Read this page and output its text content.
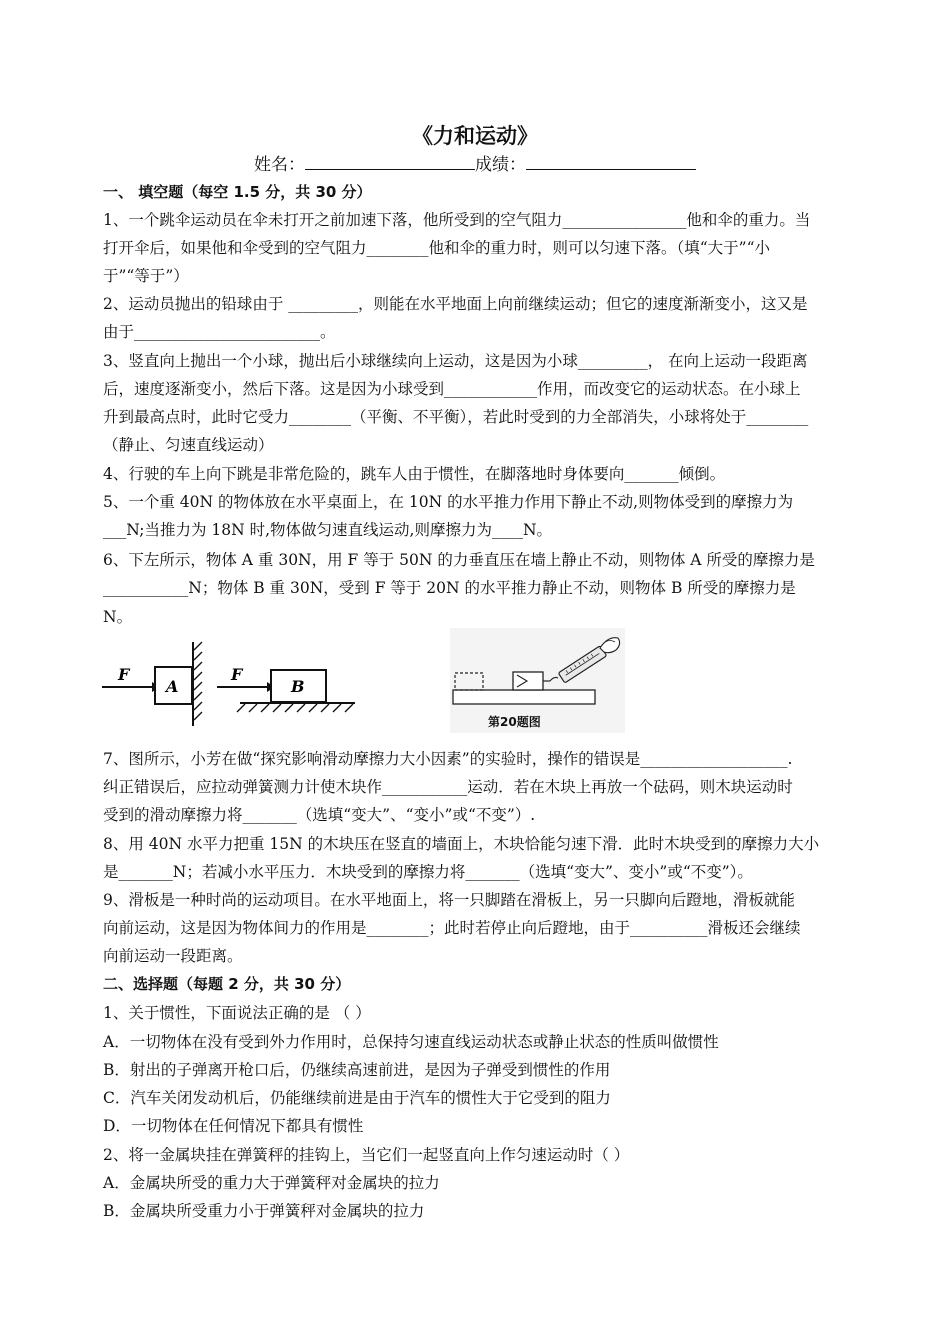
《力和运动》
姓名：	成绩：
一、 填空题（每空 1.5 分，共 30 分）
1、一个跳伞运动员在伞未打开之前加速下落，他所受到的空气阻力________________他和伞的重力。当
打开伞后，如果他和伞受到的空气阻力________他和伞的重力时，则可以匀速下落。（填“大于”“小
于”“等于”）
2、运动员抛出的铅球由于 _________，则能在水平地面上向前继续运动；但它的速度渐渐变小，这又是
由于________________________。
3、竖直向上抛出一个小球，抛出后小球继续向上运动，这是因为小球_________， 在向上运动一段距离
后，速度逐渐变小，然后下落。这是因为小球受到____________作用，而改变它的运动状态。在小球上
升到最高点时，此时它受力________（平衡、不平衡），若此时受到的力全部消失，小球将处于________
（静止、匀速直线运动）
4、行驶的车上向下跳是非常危险的，跳车人由于惯性，在脚落地时身体要向_______倾倒。
5、一个重 40N 的物体放在水平桌面上，在 10N 的水平推力作用下静止不动,则物体受到的摩擦力为
___N;当推力为 18N 时,物体做匀速直线运动,则摩擦力为____N。
6、下左所示，物体 A 重 30N，用 F 等于 50N 的力垂直压在墙上静止不动，则物体 A 所受的摩擦力是
___________N；物体 B 重 30N，受到 F 等于 20N 的水平推力静止不动，则物体 B 所受的摩擦力是
N。
F
A
F
B
第20题图
7、图所示，小芳在做“探究影响滑动摩擦力大小因素”的实验时，操作的错误是___________________.
纠正错误后，应拉动弹簧测力计使木块作___________运动．若在木块上再放一个砝码，则木块运动时
受到的滑动摩擦力将_______（选填“变大”、“变小”或“不变”）.
8、用 40N 水平力把重 15N 的木块压在竖直的墙面上，木块恰能匀速下滑．此时木块受到的摩擦力大小
是_______N；若减小水平压力．木块受到的摩擦力将_______（选填“变大”、变小”或“不变”）。
9、滑板是一种时尚的运动项目。在水平地面上，将一只脚踏在滑板上，另一只脚向后蹬地，滑板就能
向前运动，这是因为物体间力的作用是________；此时若停止向后蹬地，由于__________滑板还会继续
向前运动一段距离。
二、选择题（每题 2 分，共 30 分）
1、关于惯性，下面说法正确的是 （ ）
A．一切物体在没有受到外力作用时，总保持匀速直线运动状态或静止状态的性质叫做惯性
B．射出的子弹离开枪口后，仍继续高速前进，是因为子弹受到惯性的作用
C．汽车关闭发动机后，仍能继续前进是由于汽车的惯性大于它受到的阻力
D．一切物体在任何情况下都具有惯性
2、将一金属块挂在弹簧秤的挂钩上，当它们一起竖直向上作匀速运动时（ ）
A．金属块所受的重力大于弹簧秤对金属块的拉力
B．金属块所受重力小于弹簧秤对金属块的拉力
